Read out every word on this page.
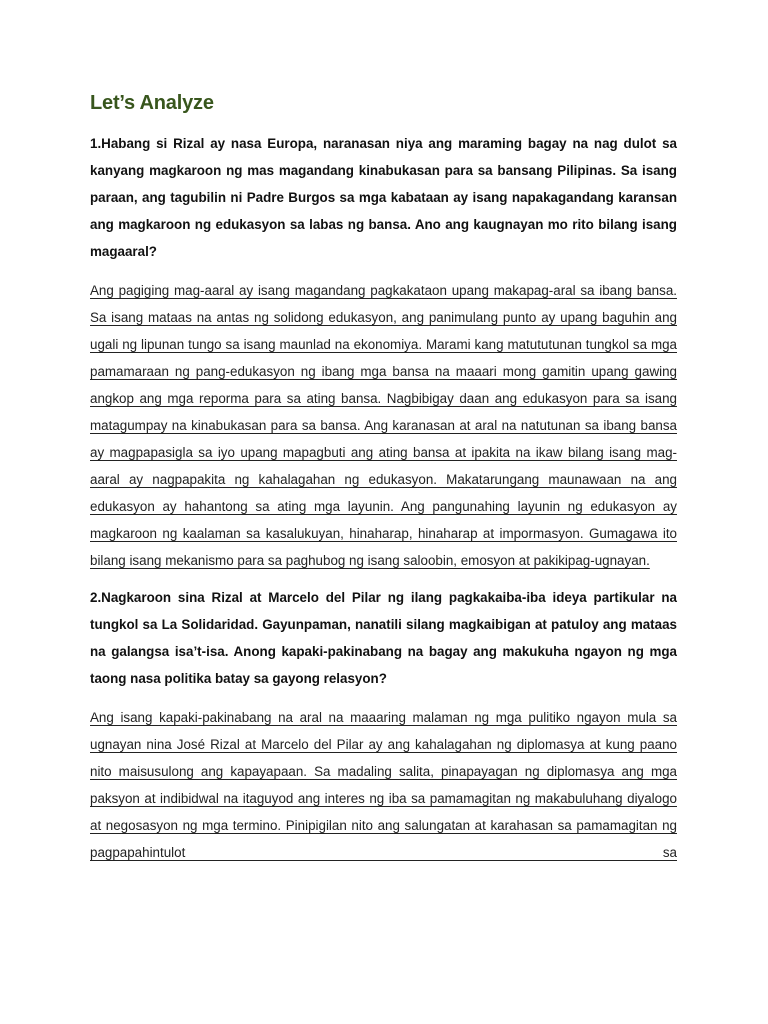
Let’s Analyze

1.Habang si Rizal ay nasa Europa, naranasan niya ang maraming bagay na nag dulot sa kanyang magkaroon ng mas magandang kinabukasan para sa bansang Pilipinas. Sa isang paraan, ang tagubilin ni Padre Burgos sa mga kabataan ay isang napakagandang karansan ang magkaroon ng edukasyon sa labas ng bansa. Ano ang kaugnayan mo rito bilang isang magaaral?

Ang pagiging mag-aaral ay isang magandang pagkakataon upang makapag-aral sa ibang bansa. Sa isang mataas na antas ng solidong edukasyon, ang panimulang punto ay upang baguhin ang ugali ng lipunan tungo sa isang maunlad na ekonomiya. Marami kang matututunan tungkol sa mga pamamaraan ng pang-edukasyon ng ibang mga bansa na maaari mong gamitin upang gawing angkop ang mga reporma para sa ating bansa. Nagbibigay daan ang edukasyon para sa isang matagumpay na kinabukasan para sa bansa. Ang karanasan at aral na natutunan sa ibang bansa ay magpapasigla sa iyo upang mapagbuti ang ating bansa at ipakita na ikaw bilang isang mag-aaral ay nagpapakita ng kahalagahan ng edukasyon. Makatarungang maunawaan na ang edukasyon ay hahantong sa ating mga layunin. Ang pangunahing layunin ng edukasyon ay magkaroon ng kaalaman sa kasalukuyan, hinaharap, hinaharap at impormasyon. Gumagawa ito bilang isang mekanismo para sa paghubog ng isang saloobin, emosyon at pakikipag-ugnayan.

2.Nagkaroon sina Rizal at Marcelo del Pilar ng ilang pagkakaiba-iba ideya partikular na tungkol sa La Solidaridad. Gayunpaman, nanatili silang magkaibigan at patuloy ang mataas na galangsa isa’t-isa. Anong kapaki-pakinabang na bagay ang makukuha ngayon ng mga taong nasa politika batay sa gayong relasyon?

Ang isang kapaki-pakinabang na aral na maaaring malaman ng mga pulitiko ngayon mula sa ugnayan nina José Rizal at Marcelo del Pilar ay ang kahalagahan ng diplomasya at kung paano nito maisusulong ang kapayapaan. Sa madaling salita, pinapayagan ng diplomasya ang mga paksyon at indibidwal na itaguyod ang interes ng iba sa pamamagitan ng makabuluhang diyalogo at negosasyon ng mga termino. Pinipigilan nito ang salungatan at karahasan sa pamamagitan ng pagpapahintulot sa
